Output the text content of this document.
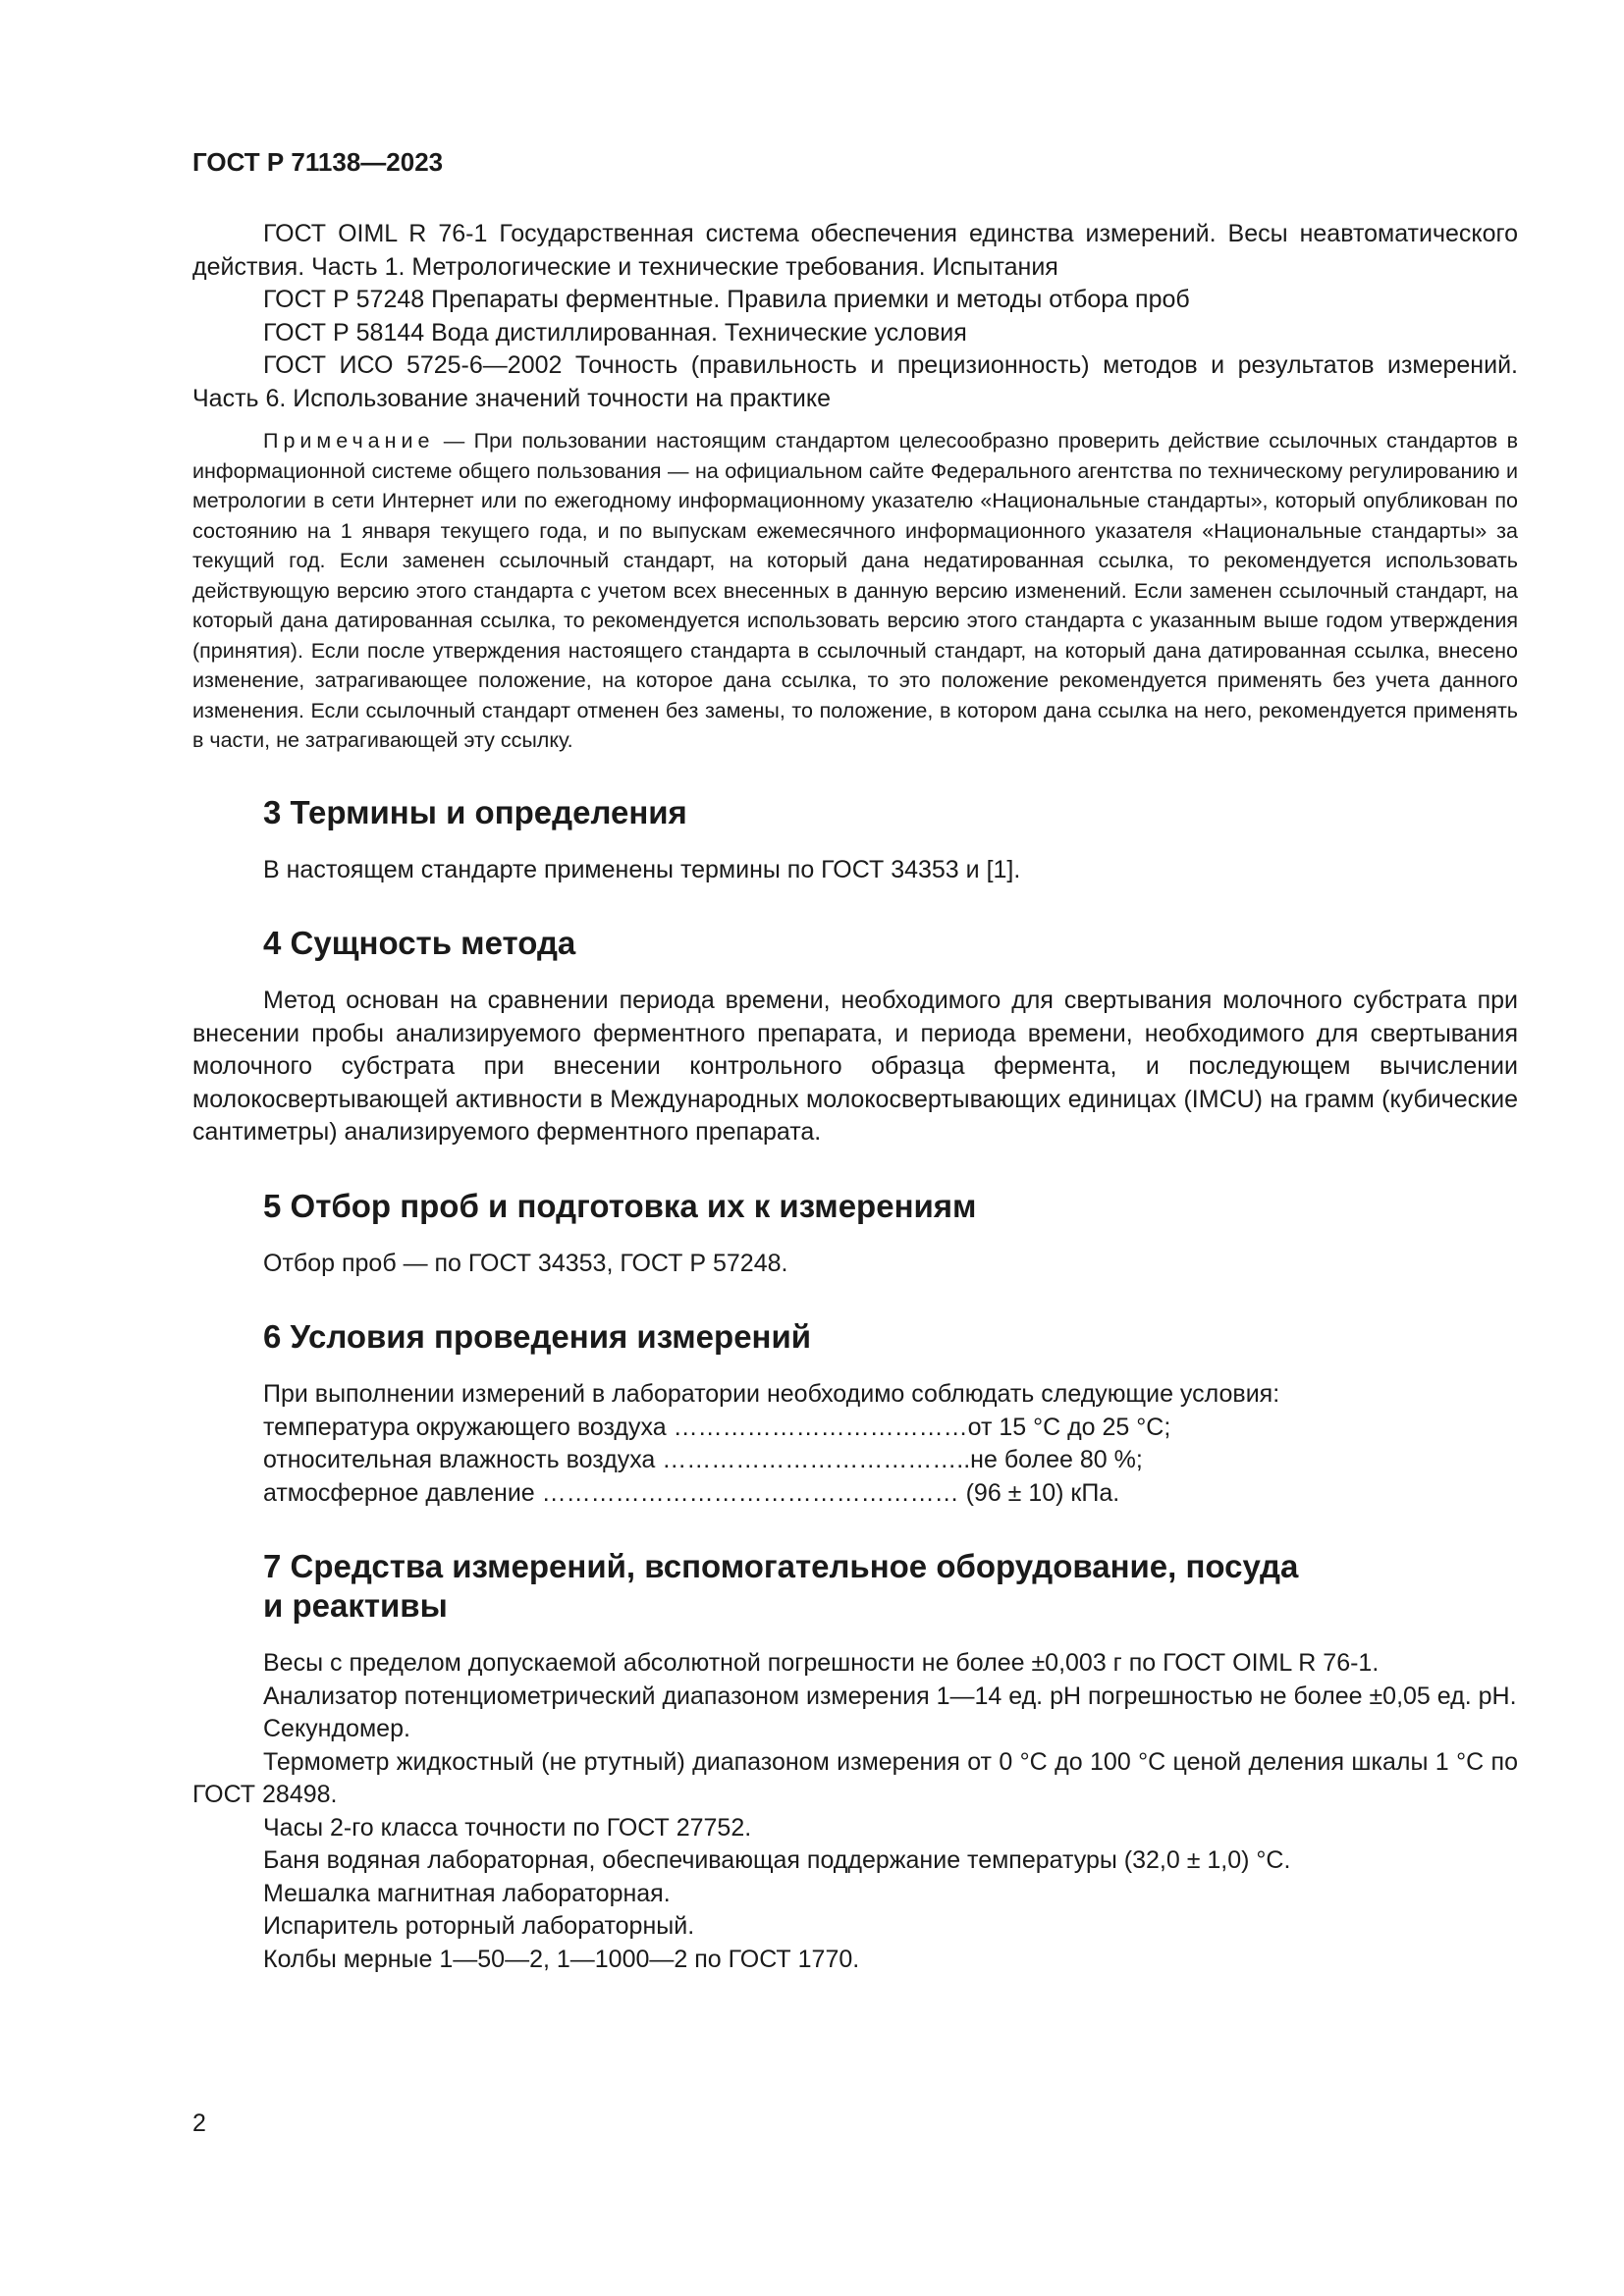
ГОСТ Р 71138—2023

ГОСТ OIML R 76-1 Государственная система обеспечения единства измерений. Весы неавтоматического действия. Часть 1. Метрологические и технические требования. Испытания

ГОСТ Р 57248 Препараты ферментные. Правила приемки и методы отбора проб

ГОСТ Р 58144 Вода дистиллированная. Технические условия

ГОСТ ИСО 5725-6—2002 Точность (правильность и прецизионность) методов и результатов измерений. Часть 6. Использование значений точности на практике

Примечание — При пользовании настоящим стандартом целесообразно проверить действие ссылочных стандартов в информационной системе общего пользования — на официальном сайте Федерального агентства по техническому регулированию и метрологии в сети Интернет или по ежегодному информационному указателю «Национальные стандарты», который опубликован по состоянию на 1 января текущего года, и по выпускам ежемесячного информационного указателя «Национальные стандарты» за текущий год. Если заменен ссылочный стандарт, на который дана недатированная ссылка, то рекомендуется использовать действующую версию этого стандарта с учетом всех внесенных в данную версию изменений. Если заменен ссылочный стандарт, на который дана датированная ссылка, то рекомендуется использовать версию этого стандарта с указанным выше годом утверждения (принятия). Если после утверждения настоящего стандарта в ссылочный стандарт, на который дана датированная ссылка, внесено изменение, затрагивающее положение, на которое дана ссылка, то это положение рекомендуется применять без учета данного изменения. Если ссылочный стандарт отменен без замены, то положение, в котором дана ссылка на него, рекомендуется применять в части, не затрагивающей эту ссылку.

3 Термины и определения

В настоящем стандарте применены термины по ГОСТ 34353 и [1].

4 Сущность метода

Метод основан на сравнении периода времени, необходимого для свертывания молочного субстрата при внесении пробы анализируемого ферментного препарата, и периода времени, необходимого для свертывания молочного субстрата при внесении контрольного образца фермента, и последующем вычислении молокосвертывающей активности в Международных молокосвертывающих единицах (IMCU) на грамм (кубические сантиметры) анализируемого ферментного препарата.

5 Отбор проб и подготовка их к измерениям

Отбор проб — по ГОСТ 34353, ГОСТ Р 57248.

6 Условия проведения измерений

При выполнении измерений в лаборатории необходимо соблюдать следующие условия:

температура окружающего воздуха ………………………………от 15 °С до 25 °С;
относительная влажность воздуха ………………………………..не более 80 %;
атмосферное давление …………………………………………… (96 ± 10) кПа.
7 Средства измерений, вспомогательное оборудование, посуда
и реактивы

Весы с пределом допускаемой абсолютной погрешности не более ±0,003 г по ГОСТ OIML R 76-1.

Анализатор потенциометрический диапазоном измерения 1—14 ед. pH погрешностью не более ±0,05 ед. pH.

Секундомер.

Термометр жидкостный (не ртутный) диапазоном измерения от 0 °С до 100 °С ценой деления шкалы 1 °С по ГОСТ 28498.

Часы 2-го класса точности по ГОСТ 27752.

Баня водяная лабораторная, обеспечивающая поддержание температуры (32,0 ± 1,0) °С.

Мешалка магнитная лабораторная.

Испаритель роторный лабораторный.

Колбы мерные 1—50—2, 1—1000—2 по ГОСТ 1770.

2
